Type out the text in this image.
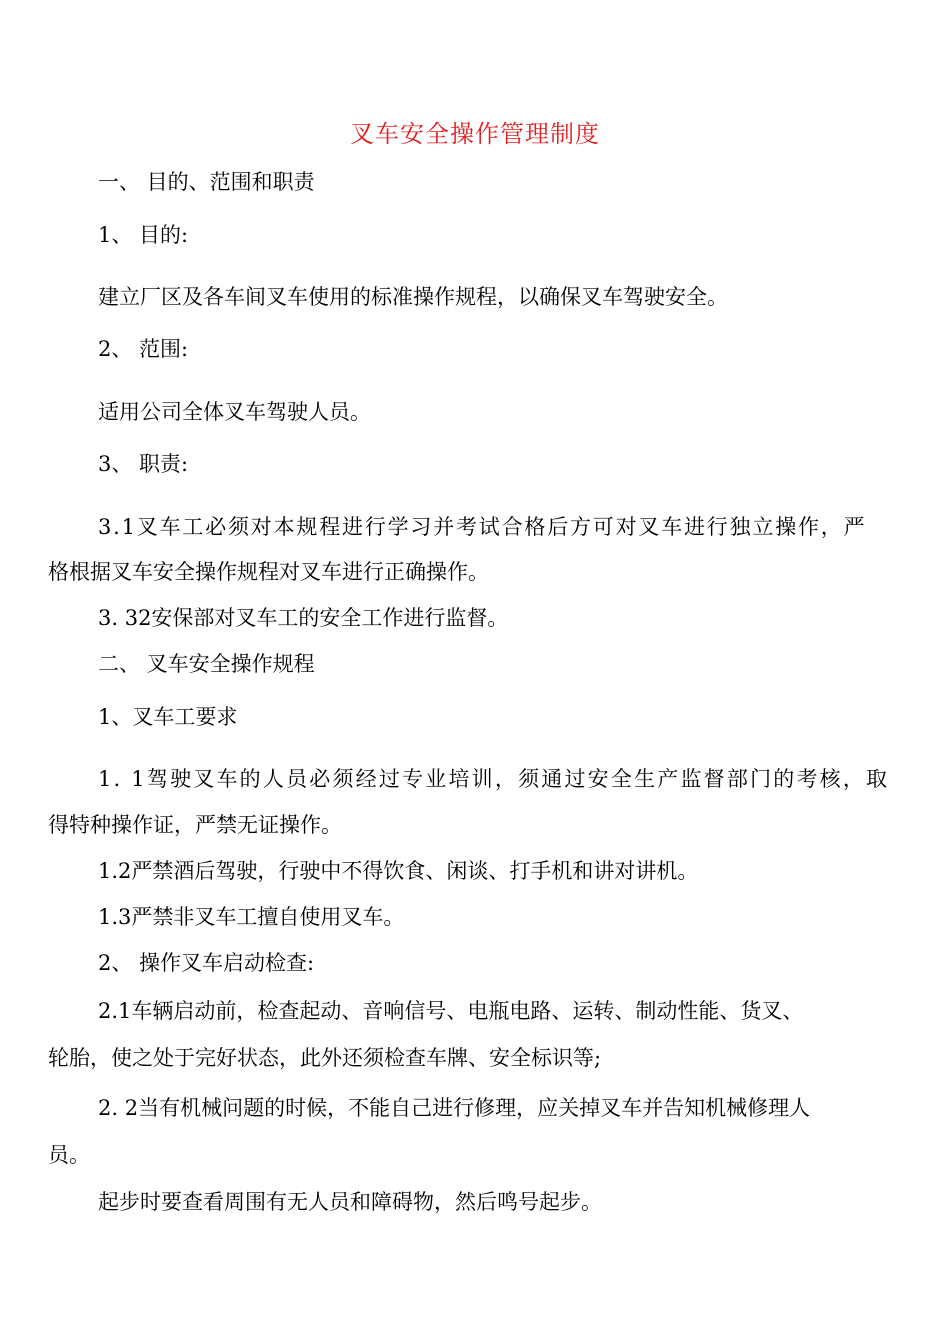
叉车安全操作管理制度
一、 目的、范围和职责
1、 目的:
建立厂区及各车间叉车使用的标准操作规程，以确保叉车驾驶安全。
2、 范围:
适用公司全体叉车驾驶人员。
3、 职责:
3.1叉车工必须对本规程进行学习并考试合格后方可对叉车进行独立操作，严
格根据叉车安全操作规程对叉车进行正确操作。
3. 32安保部对叉车工的安全工作进行监督。
二、 叉车安全操作规程
1、叉车工要求
1. 1驾驶叉车的人员必须经过专业培训，须通过安全生产监督部门的考核，取
得特种操作证，严禁无证操作。
1.2严禁酒后驾驶，行驶中不得饮食、闲谈、打手机和讲对讲机。
1.3严禁非叉车工擅自使用叉车。
2、 操作叉车启动检查:
2.1车辆启动前，检查起动、音响信号、电瓶电路、运转、制动性能、货叉、
轮胎，使之处于完好状态，此外还须检查车牌、安全标识等;
2. 2当有机械问题的时候，不能自己进行修理，应关掉叉车并告知机械修理人
员。
起步时要查看周围有无人员和障碍物，然后鸣号起步。
